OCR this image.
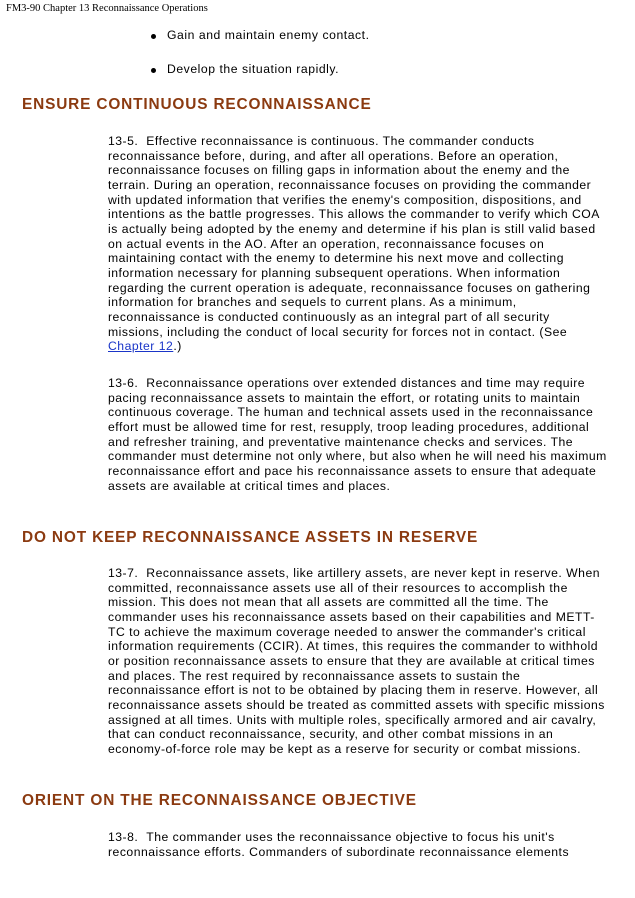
FM3-90 Chapter 13 Reconnaissance Operations
Gain and maintain enemy contact.
Develop the situation rapidly.
ENSURE CONTINUOUS RECONNAISSANCE

13-5. Effective reconnaissance is continuous. The commander conducts reconnaissance before, during, and after all operations. Before an operation, reconnaissance focuses on filling gaps in information about the enemy and the terrain. During an operation, reconnaissance focuses on providing the commander with updated information that verifies the enemy's composition, dispositions, and intentions as the battle progresses. This allows the commander to verify which COA is actually being adopted by the enemy and determine if his plan is still valid based on actual events in the AO. After an operation, reconnaissance focuses on maintaining contact with the enemy to determine his next move and collecting information necessary for planning subsequent operations. When information regarding the current operation is adequate, reconnaissance focuses on gathering information for branches and sequels to current plans. As a minimum, reconnaissance is conducted continuously as an integral part of all security missions, including the conduct of local security for forces not in contact. (See Chapter 12.)

13-6. Reconnaissance operations over extended distances and time may require pacing reconnaissance assets to maintain the effort, or rotating units to maintain continuous coverage. The human and technical assets used in the reconnaissance effort must be allowed time for rest, resupply, troop leading procedures, additional and refresher training, and preventative maintenance checks and services. The commander must determine not only where, but also when he will need his maximum reconnaissance effort and pace his reconnaissance assets to ensure that adequate assets are available at critical times and places.

DO NOT KEEP RECONNAISSANCE ASSETS IN RESERVE

13-7. Reconnaissance assets, like artillery assets, are never kept in reserve. When committed, reconnaissance assets use all of their resources to accomplish the mission. This does not mean that all assets are committed all the time. The commander uses his reconnaissance assets based on their capabilities and METT-TC to achieve the maximum coverage needed to answer the commander's critical information requirements (CCIR). At times, this requires the commander to withhold or position reconnaissance assets to ensure that they are available at critical times and places. The rest required by reconnaissance assets to sustain the reconnaissance effort is not to be obtained by placing them in reserve. However, all reconnaissance assets should be treated as committed assets with specific missions assigned at all times. Units with multiple roles, specifically armored and air cavalry, that can conduct reconnaissance, security, and other combat missions in an economy-of-force role may be kept as a reserve for security or combat missions.

ORIENT ON THE RECONNAISSANCE OBJECTIVE

13-8. The commander uses the reconnaissance objective to focus his unit's reconnaissance efforts. Commanders of subordinate reconnaissance elements
